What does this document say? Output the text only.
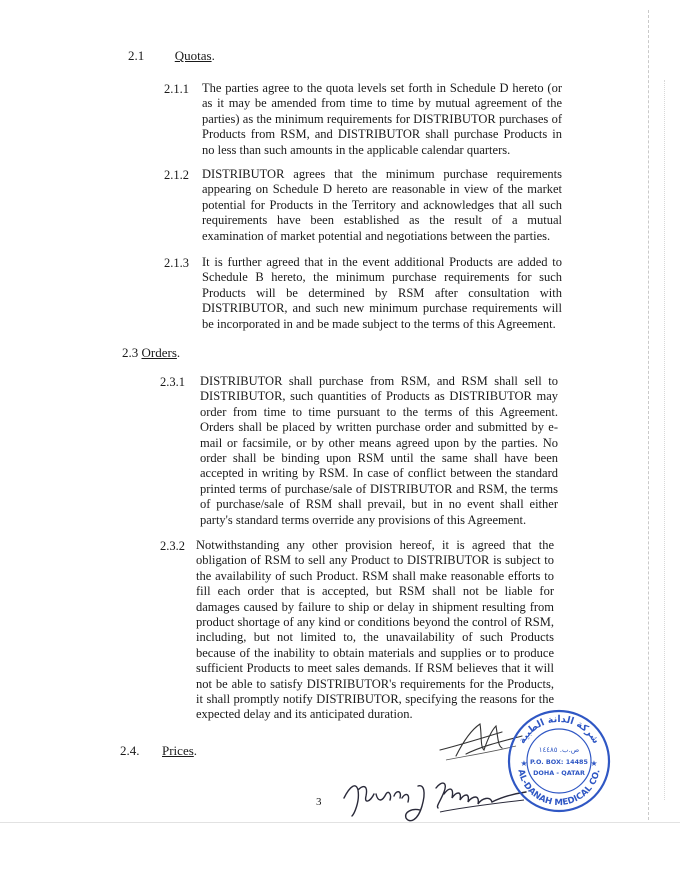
2.1 Quotas.
2.1.1 The parties agree to the quota levels set forth in Schedule D hereto (or as it may be amended from time to time by mutual agreement of the parties) as the minimum requirements for DISTRIBUTOR purchases of Products from RSM, and DISTRIBUTOR shall purchase Products in no less than such amounts in the applicable calendar quarters.

2.1.2 DISTRIBUTOR agrees that the minimum purchase requirements appearing on Schedule D hereto are reasonable in view of the market potential for Products in the Territory and acknowledges that all such requirements have been established as the result of a mutual examination of market potential and negotiations between the parties.

2.1.3 It is further agreed that in the event additional Products are added to Schedule B hereto, the minimum purchase requirements for such Products will be determined by RSM after consultation with DISTRIBUTOR, and such new minimum purchase requirements will be incorporated in and be made subject to the terms of this Agreement.

2.3 Orders.
2.3.1 DISTRIBUTOR shall purchase from RSM, and RSM shall sell to DISTRIBUTOR, such quantities of Products as DISTRIBUTOR may order from time to time pursuant to the terms of this Agreement. Orders shall be placed by written purchase order and submitted by e-mail or facsimile, or by other means agreed upon by the parties. No order shall be binding upon RSM until the same shall have been accepted in writing by RSM. In case of conflict between the standard printed terms of purchase/sale of DISTRIBUTOR and RSM, the terms of purchase/sale of RSM shall prevail, but in no event shall either party's standard terms override any provisions of this Agreement.

2.3.2 Notwithstanding any other provision hereof, it is agreed that the obligation of RSM to sell any Product to DISTRIBUTOR is subject to the availability of such Product. RSM shall make reasonable efforts to fill each order that is accepted, but RSM shall not be liable for damages caused by failure to ship or delay in shipment resulting from product shortage of any kind or conditions beyond the control of RSM, including, but not limited to, the unavailability of such Products because of the inability to obtain materials and supplies or to produce sufficient Products to meet sales demands. If RSM believes that it will not be able to satisfy DISTRIBUTOR's requirements for the Products, it shall promptly notify DISTRIBUTOR, specifying the reasons for the expected delay and its anticipated duration.

2.4. Prices.
3
شركة الدانة الطبية
AL-DANAH MEDICAL CO.
ص.ب. ١٤٤٨٥
P.O. BOX: 14485
DOHA - QATAR
★	★
